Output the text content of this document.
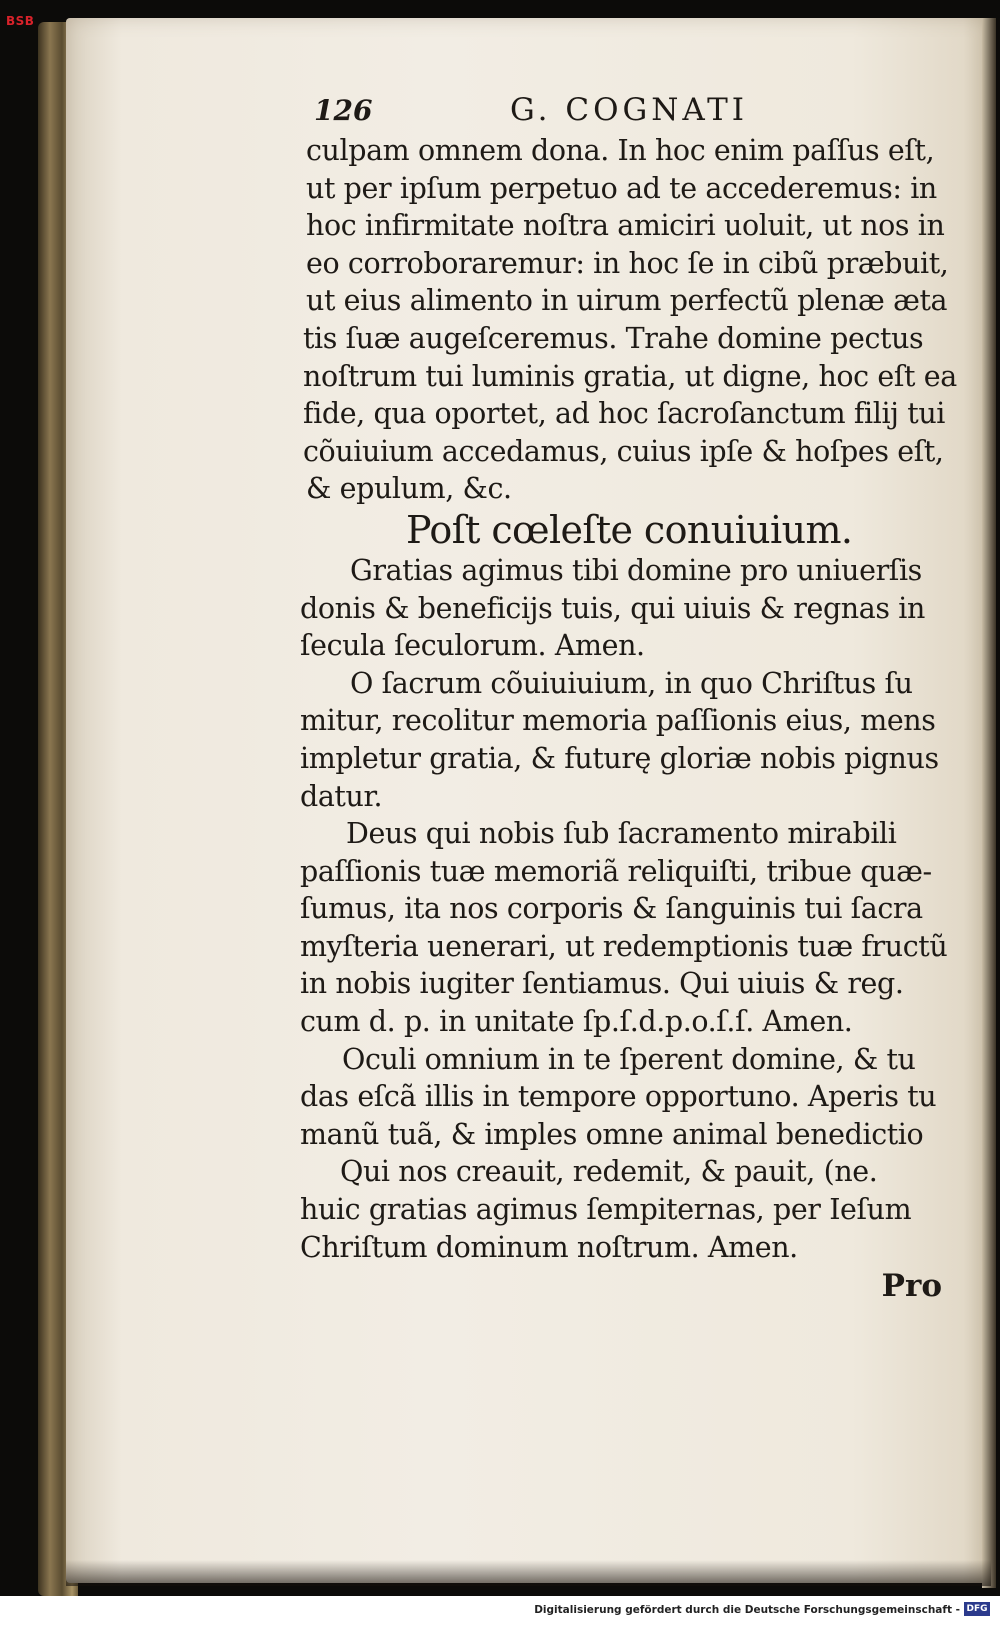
BSB
126	G. COGNATI
culpam omnem dona. In hoc enim paſſus eſt,
ut per ipſum perpetuo ad te accederemus: in
hoc infirmitate noſtra amiciri uoluit, ut nos in
eo corroboraremur: in hoc ſe in cibũ præbuit,
ut eius alimento in uirum perfectũ plenæ æta
tis ſuæ augeſceremus. Trahe domine pectus
noſtrum tui luminis gratia, ut digne, hoc eſt ea
fide, qua oportet, ad hoc ſacroſanctum filij tui
cõuiuium accedamus, cuius ipſe & hoſpes eſt,
& epulum, &c.
Poſt cœleſte conuiuium.
Gratias agimus tibi domine pro uniuerſis
donis & beneficijs tuis, qui uiuis & regnas in
ſecula ſeculorum. Amen.
O ſacrum cõuiuiuium, in quo Chriſtus ſu
mitur, recolitur memoria paſſionis eius, mens
impletur gratia, & futurę gloriæ nobis pignus
datur.
Deus qui nobis ſub ſacramento mirabili
paſſionis tuæ memoriã reliquiſti, tribue quæ-
ſumus, ita nos corporis & ſanguinis tui ſacra
myſteria uenerari, ut redemptionis tuæ fructũ
in nobis iugiter ſentiamus. Qui uiuis & reg.
cum d. p. in unitate ſp.ſ.d.p.o.ſ.ſ. Amen.
Oculi omnium in te ſperent domine, & tu
das eſcã illis in tempore opportuno. Aperis tu
manũ tuã, & imples omne animal benedictio
Qui nos creauit, redemit, & pauit, (ne.
huic gratias agimus ſempiternas, per Ieſum
Chriſtum dominum noſtrum. Amen.
Pro
Digitalisierung gefördert durch die Deutsche Forschungsgemeinschaft - DFG
